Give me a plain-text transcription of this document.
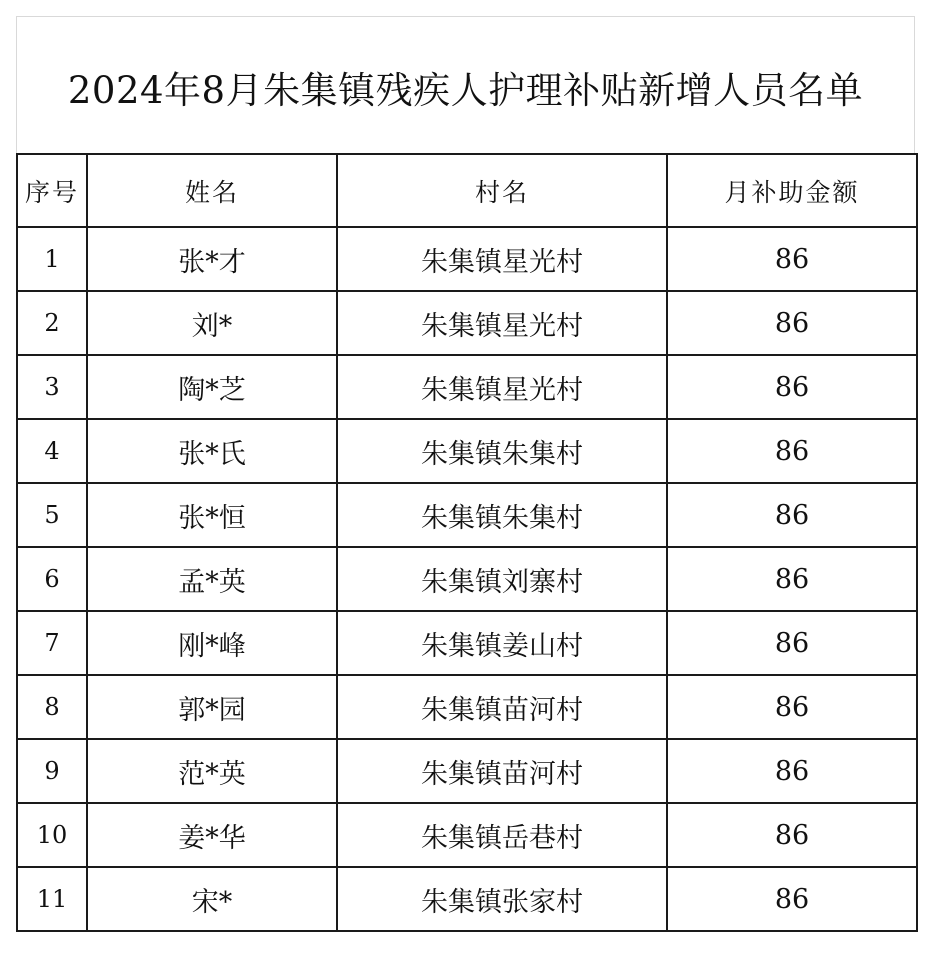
2024年8月朱集镇残疾人护理补贴新增人员名单
序号	姓名	村名	月补助金额
1	张*才	朱集镇星光村	86
2	刘*	朱集镇星光村	86
3	陶*芝	朱集镇星光村	86
4	张*氏	朱集镇朱集村	86
5	张*恒	朱集镇朱集村	86
6	孟*英	朱集镇刘寨村	86
7	刚*峰	朱集镇姜山村	86
8	郭*园	朱集镇苗河村	86
9	范*英	朱集镇苗河村	86
10	姜*华	朱集镇岳巷村	86
11	宋*	朱集镇张家村	86
